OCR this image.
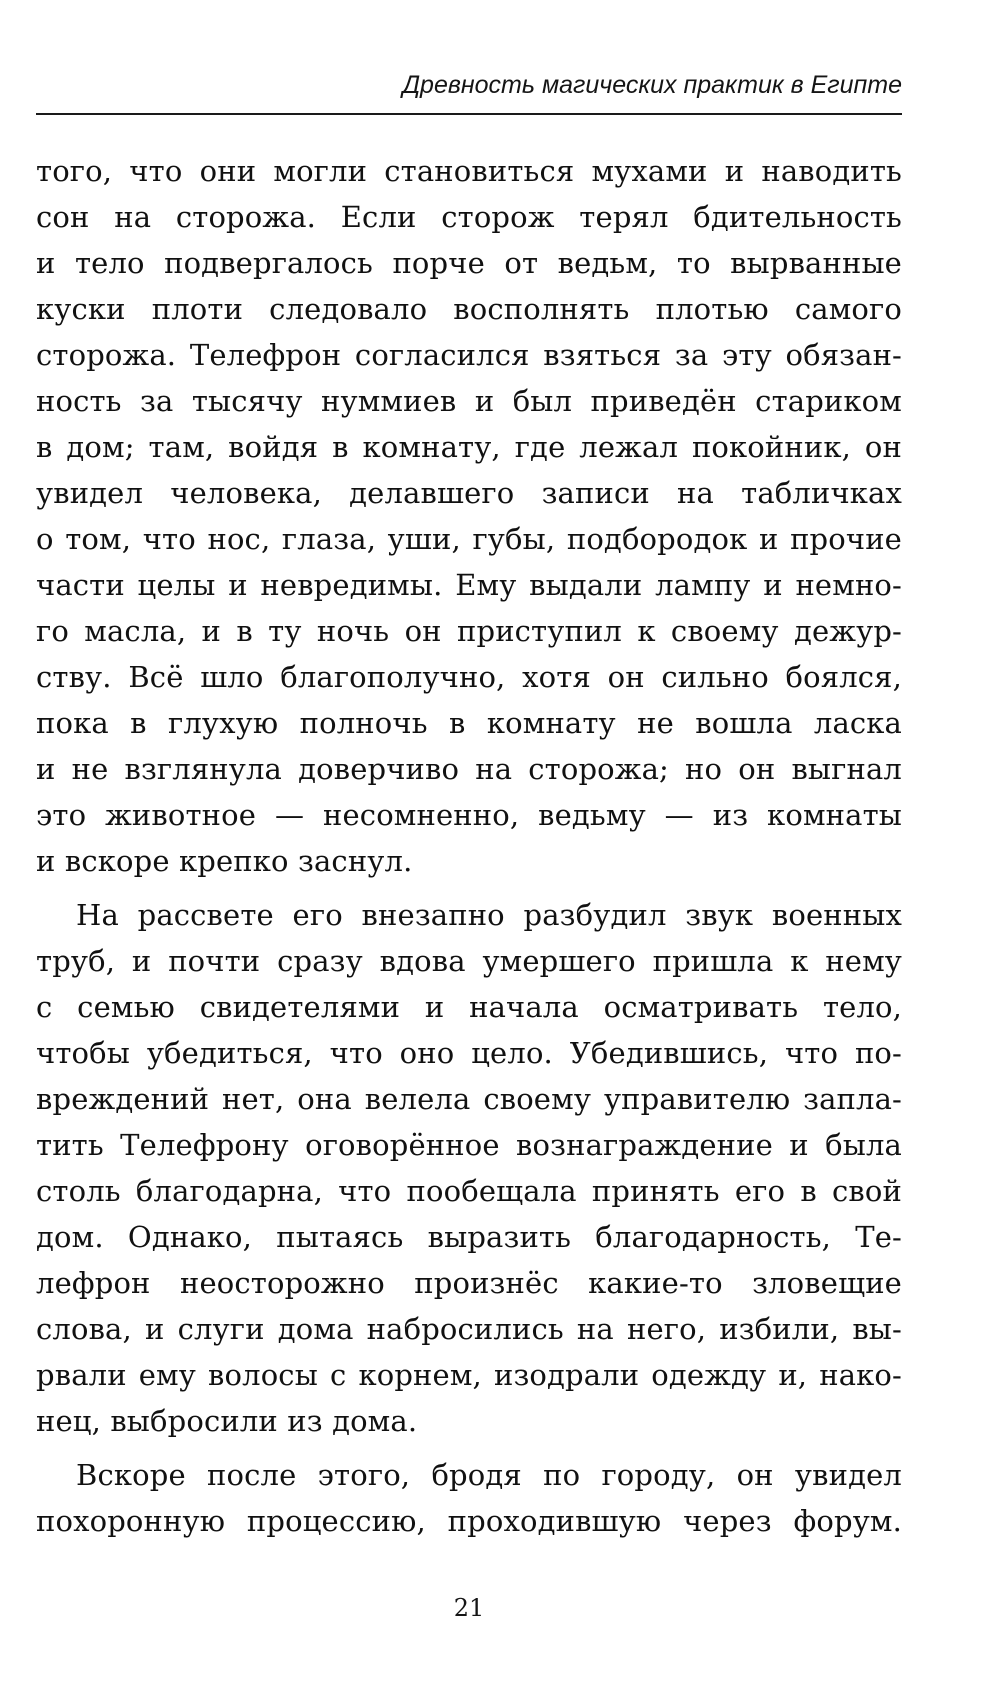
Древность магических практик в Египте
того, что они могли становиться мухами и наводить
сон на сторожа. Если сторож терял бдительность
и тело подвергалось порче от ведьм, то вырванные
куски плоти следовало восполнять плотью самого
сторожа. Телефрон согласился взяться за эту обязан-
ность за тысячу нуммиев и был приведён стариком
в дом; там, войдя в комнату, где лежал покойник, он
увидел человека, делавшего записи на табличках
о том, что нос, глаза, уши, губы, подбородок и прочие
части целы и невредимы. Ему выдали лампу и немно-
го масла, и в ту ночь он приступил к своему дежур-
ству. Всё шло благополучно, хотя он сильно боялся,
пока в глухую полночь в комнату не вошла ласка
и не взглянула доверчиво на сторожа; но он выгнал
это животное — несомненно, ведьму — из комнаты
и вскоре крепко заснул.
На рассвете его внезапно разбудил звук военных
труб, и почти сразу вдова умершего пришла к нему
с семью свидетелями и начала осматривать тело,
чтобы убедиться, что оно цело. Убедившись, что по-
вреждений нет, она велела своему управителю запла-
тить Телефрону оговорённое вознаграждение и была
столь благодарна, что пообещала принять его в свой
дом. Однако, пытаясь выразить благодарность, Те-
лефрон неосторожно произнёс какие-то зловещие
слова, и слуги дома набросились на него, избили, вы-
рвали ему волосы с корнем, изодрали одежду и, нако-
нец, выбросили из дома.
Вскоре после этого, бродя по городу, он увидел
похоронную процессию, проходившую через форум.
21
